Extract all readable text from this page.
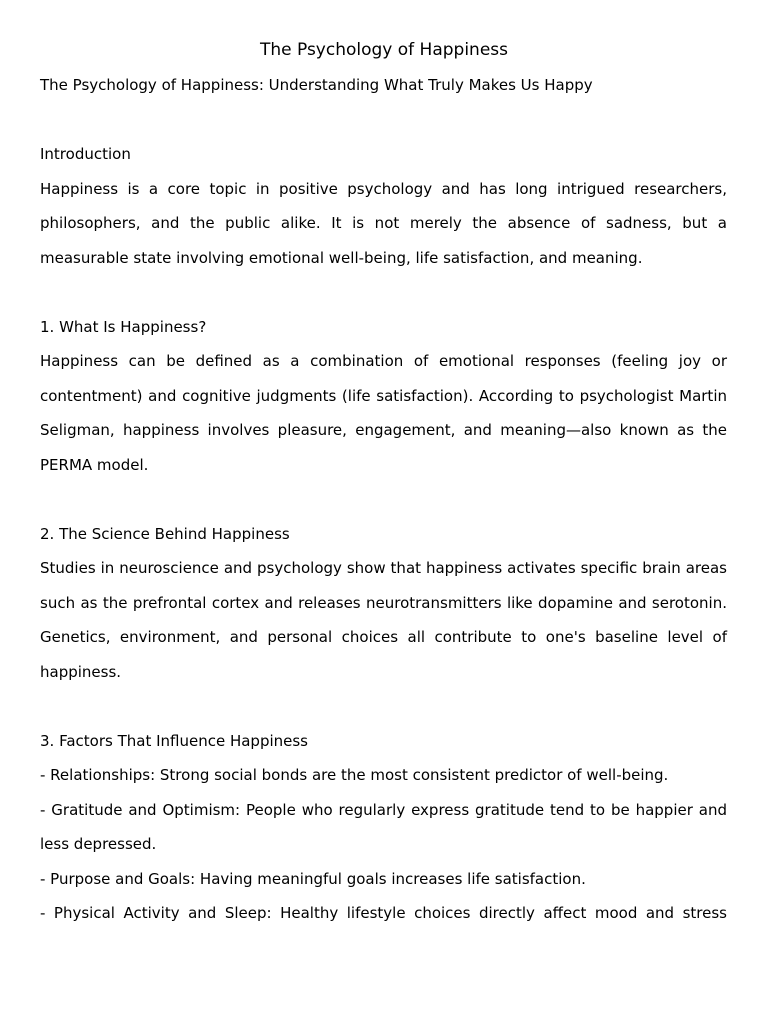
The Psychology of Happiness
The Psychology of Happiness: Understanding What Truly Makes Us Happy
Introduction

Happiness is a core topic in positive psychology and has long intrigued researchers, philosophers, and the public alike. It is not merely the absence of sadness, but a measurable state involving emotional well-being, life satisfaction, and meaning.

1. What Is Happiness?

Happiness can be defined as a combination of emotional responses (feeling joy or contentment) and cognitive judgments (life satisfaction). According to psychologist Martin Seligman, happiness involves pleasure, engagement, and meaning—also known as the PERMA model.

2. The Science Behind Happiness

Studies in neuroscience and psychology show that happiness activates specific brain areas such as the prefrontal cortex and releases neurotransmitters like dopamine and serotonin. Genetics, environment, and personal choices all contribute to one's baseline level of happiness.

3. Factors That Influence Happiness

- Relationships: Strong social bonds are the most consistent predictor of well-being.

- Gratitude and Optimism: People who regularly express gratitude tend to be happier and less depressed.

- Purpose and Goals: Having meaningful goals increases life satisfaction.

- Physical Activity and Sleep: Healthy lifestyle choices directly affect mood and stress
